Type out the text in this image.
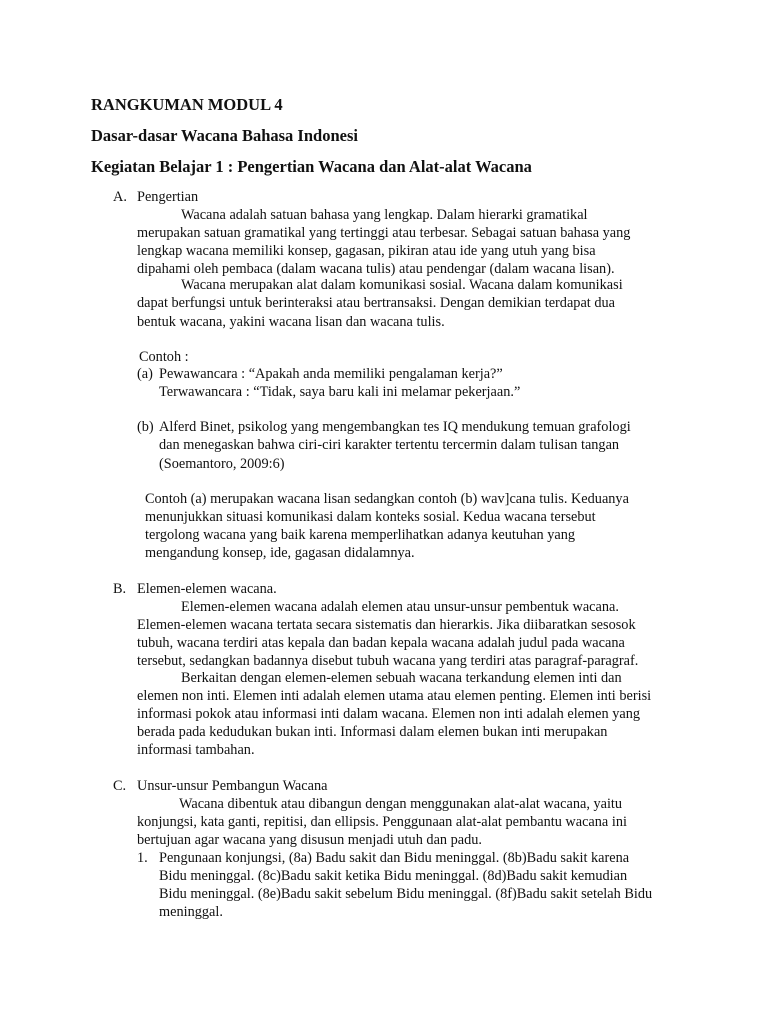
RANGKUMAN MODUL 4
Dasar-dasar Wacana Bahasa Indonesi
Kegiatan Belajar 1 : Pengertian Wacana dan Alat-alat Wacana
A. Pengertian
Wacana adalah satuan bahasa yang lengkap. Dalam hierarki gramatikal
merupakan satuan gramatikal yang tertinggi atau terbesar. Sebagai satuan bahasa yang
lengkap wacana memiliki konsep, gagasan, pikiran atau ide yang utuh yang bisa
dipahami oleh pembaca (dalam wacana tulis) atau pendengar (dalam wacana lisan).
Wacana merupakan alat dalam komunikasi sosial. Wacana dalam komunikasi
dapat berfungsi untuk berinteraksi atau bertransaksi. Dengan demikian terdapat dua
bentuk wacana, yakini wacana lisan dan wacana tulis.
Contoh :
(a) Pewawancara : “Apakah anda memiliki pengalaman kerja?”
Terwawancara : “Tidak, saya baru kali ini melamar pekerjaan.”
(b) Alferd Binet, psikolog yang mengembangkan tes IQ mendukung temuan grafologi
dan menegaskan bahwa ciri-ciri karakter tertentu tercermin dalam tulisan tangan
(Soemantoro, 2009:6)
Contoh (a) merupakan wacana lisan sedangkan contoh (b) wav]cana tulis. Keduanya
menunjukkan situasi komunikasi dalam konteks sosial. Kedua wacana tersebut
tergolong wacana yang baik karena memperlihatkan adanya keutuhan yang
mengandung konsep, ide, gagasan didalamnya.
B. Elemen-elemen wacana.
Elemen-elemen wacana adalah elemen atau unsur-unsur pembentuk wacana.
Elemen-elemen wacana tertata secara sistematis dan hierarkis. Jika diibaratkan sesosok
tubuh, wacana terdiri atas kepala dan badan kepala wacana adalah judul pada wacana
tersebut, sedangkan badannya disebut tubuh wacana yang terdiri atas paragraf-paragraf.
Berkaitan dengan elemen-elemen sebuah wacana terkandung elemen inti dan
elemen non inti. Elemen inti adalah elemen utama atau elemen penting. Elemen inti berisi
informasi pokok atau informasi inti dalam wacana. Elemen non inti adalah elemen yang
berada pada kedudukan bukan inti. Informasi dalam elemen bukan inti merupakan
informasi tambahan.
C. Unsur-unsur Pembangun Wacana
Wacana dibentuk atau dibangun dengan menggunakan alat-alat wacana, yaitu
konjungsi, kata ganti, repitisi, dan ellipsis. Penggunaan alat-alat pembantu wacana ini
bertujuan agar wacana yang disusun menjadi utuh dan padu.
1. Pengunaan konjungsi, (8a) Badu sakit dan Bidu meninggal. (8b)Badu sakit karena
Bidu meninggal. (8c)Badu sakit ketika Bidu meninggal. (8d)Badu sakit kemudian
Bidu meninggal. (8e)Badu sakit sebelum Bidu meninggal. (8f)Badu sakit setelah Bidu
meninggal.
